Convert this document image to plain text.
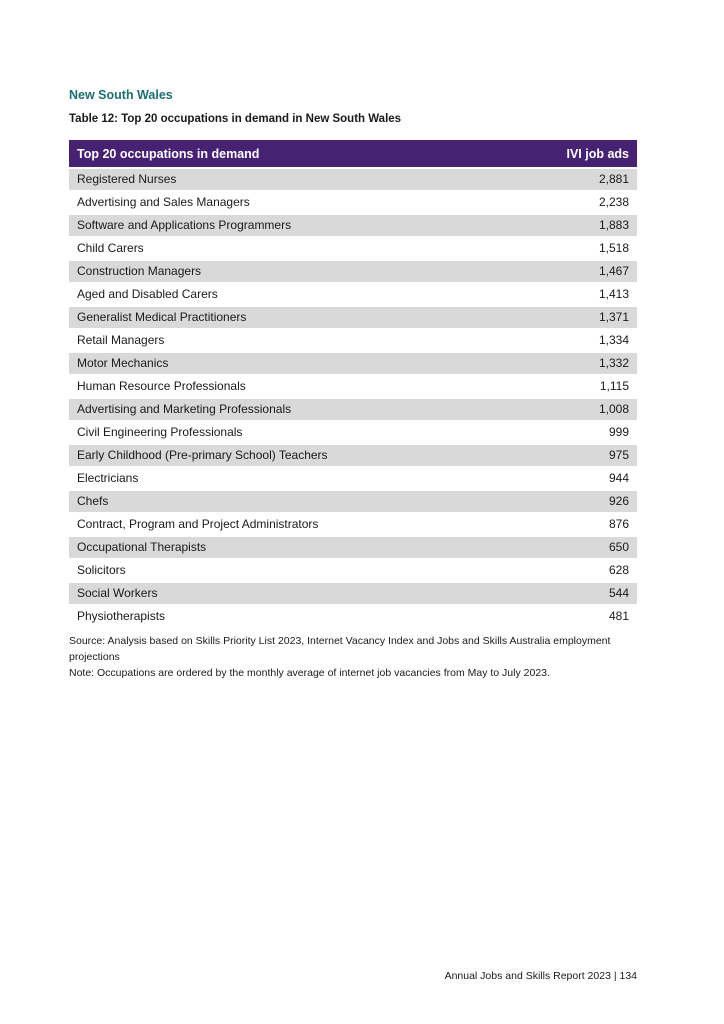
New South Wales

Table 12: Top 20 occupations in demand in New South Wales

Top 20 occupations in demand	IVI job ads
Registered Nurses	2,881
Advertising and Sales Managers	2,238
Software and Applications Programmers	1,883
Child Carers	1,518
Construction Managers	1,467
Aged and Disabled Carers	1,413
Generalist Medical Practitioners	1,371
Retail Managers	1,334
Motor Mechanics	1,332
Human Resource Professionals	1,115
Advertising and Marketing Professionals	1,008
Civil Engineering Professionals	999
Early Childhood (Pre-primary School) Teachers	975
Electricians	944
Chefs	926
Contract, Program and Project Administrators	876
Occupational Therapists	650
Solicitors	628
Social Workers	544
Physiotherapists	481

Source: Analysis based on Skills Priority List 2023, Internet Vacancy Index and Jobs and Skills Australia employment projections

Note: Occupations are ordered by the monthly average of internet job vacancies from May to July 2023.

Annual Jobs and Skills Report 2023 | 134
